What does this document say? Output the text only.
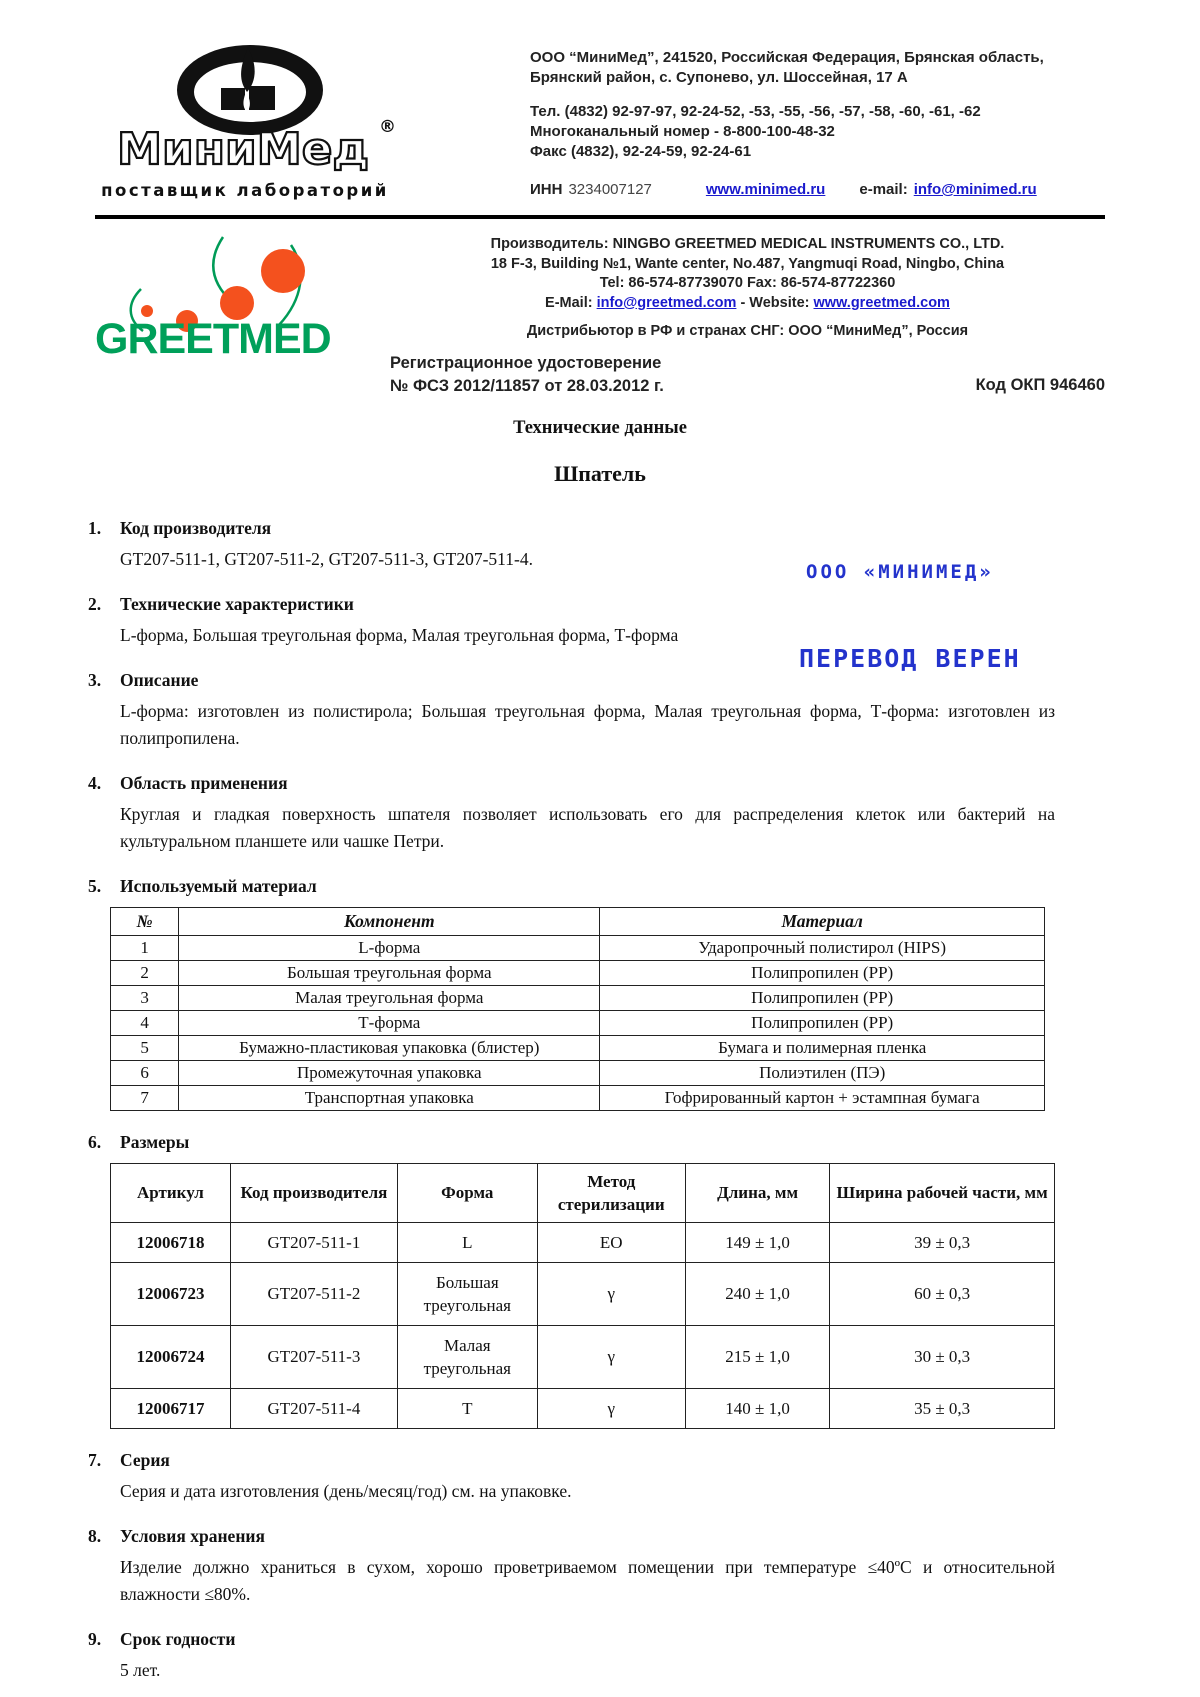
МиниМед ®
поставщик лабораторий
ООО “МиниМед”, 241520, Российская Федерация, Брянская область,
Брянский район, с. Супонево, ул. Шоссейная, 17 А
Тел. (4832) 92-97-97, 92-24-52, -53, -55, -56, -57, -58, -60, -61, -62
Многоканальный номер - 8-800-100-48-32
Факс (4832), 92-24-59, 92-24-61
ИНН 3234007127	www.minimed.ru e-mail: info@minimed.ru
GREETMED
Производитель: NINGBO GREETMED MEDICAL INSTRUMENTS CO., LTD.
18 F-3, Building №1, Wante center, No.487, Yangmuqi Road, Ningbo, China
Tel: 86-574-87739070 Fax: 86-574-87722360
E-Mail: info@greetmed.com - Website: www.greetmed.com
Дистрибьютор в РФ и странах СНГ: ООО “МиниМед”, Россия
Регистрационное удостоверение
№ ФСЗ 2012/11857 от 28.03.2012 г.	Код ОКП 946460
Технические данные
Шпатель
1.	Код производителя
GT207-511-1, GT207-511-2, GT207-511-3, GT207-511-4.
2.	Технические характеристики
L-форма, Большая треугольная форма, Малая треугольная форма, Т-форма
3.	Описание
L-форма: изготовлен из полистирола; Большая треугольная форма, Малая треугольная форма, Т-форма: изготовлен из полипропилена.
4.	Область применения
Круглая и гладкая поверхность шпателя позволяет использовать его для распределения клеток или бактерий на культуральном планшете или чашке Петри.
5.	Используемый материал
№	Компонент	Материал
1	L-форма	Ударопрочный полистирол (HIPS)
2	Большая треугольная форма	Полипропилен (PP)
3	Малая треугольная форма	Полипропилен (PP)
4	Т-форма	Полипропилен (PP)
5	Бумажно-пластиковая упаковка (блистер)	Бумага и полимерная пленка
6	Промежуточная упаковка	Полиэтилен (ПЭ)
7	Транспортная упаковка	Гофрированный картон + эстампная бумага
6.	Размеры
Артикул	Код производителя	Форма	Метод стерилизации	Длина, мм	Ширина рабочей части, мм
12006718	GT207-511-1	L	EO	149 ± 1,0	39 ± 0,3
12006723	GT207-511-2	Большая треугольная	γ	240 ± 1,0	60 ± 0,3
12006724	GT207-511-3	Малая треугольная	γ	215 ± 1,0	30 ± 0,3
12006717	GT207-511-4	Т	γ	140 ± 1,0	35 ± 0,3
7.	Серия
Серия и дата изготовления (день/месяц/год) см. на упаковке.
8.	Условия хранения
Изделие должно храниться в сухом, хорошо проветриваемом помещении при температуре ≤40ºС и относительной влажности ≤80%.
9.	Срок годности
5 лет.
ООО «МИНИМЕД»
ПЕРЕВОД ВЕРЕН
